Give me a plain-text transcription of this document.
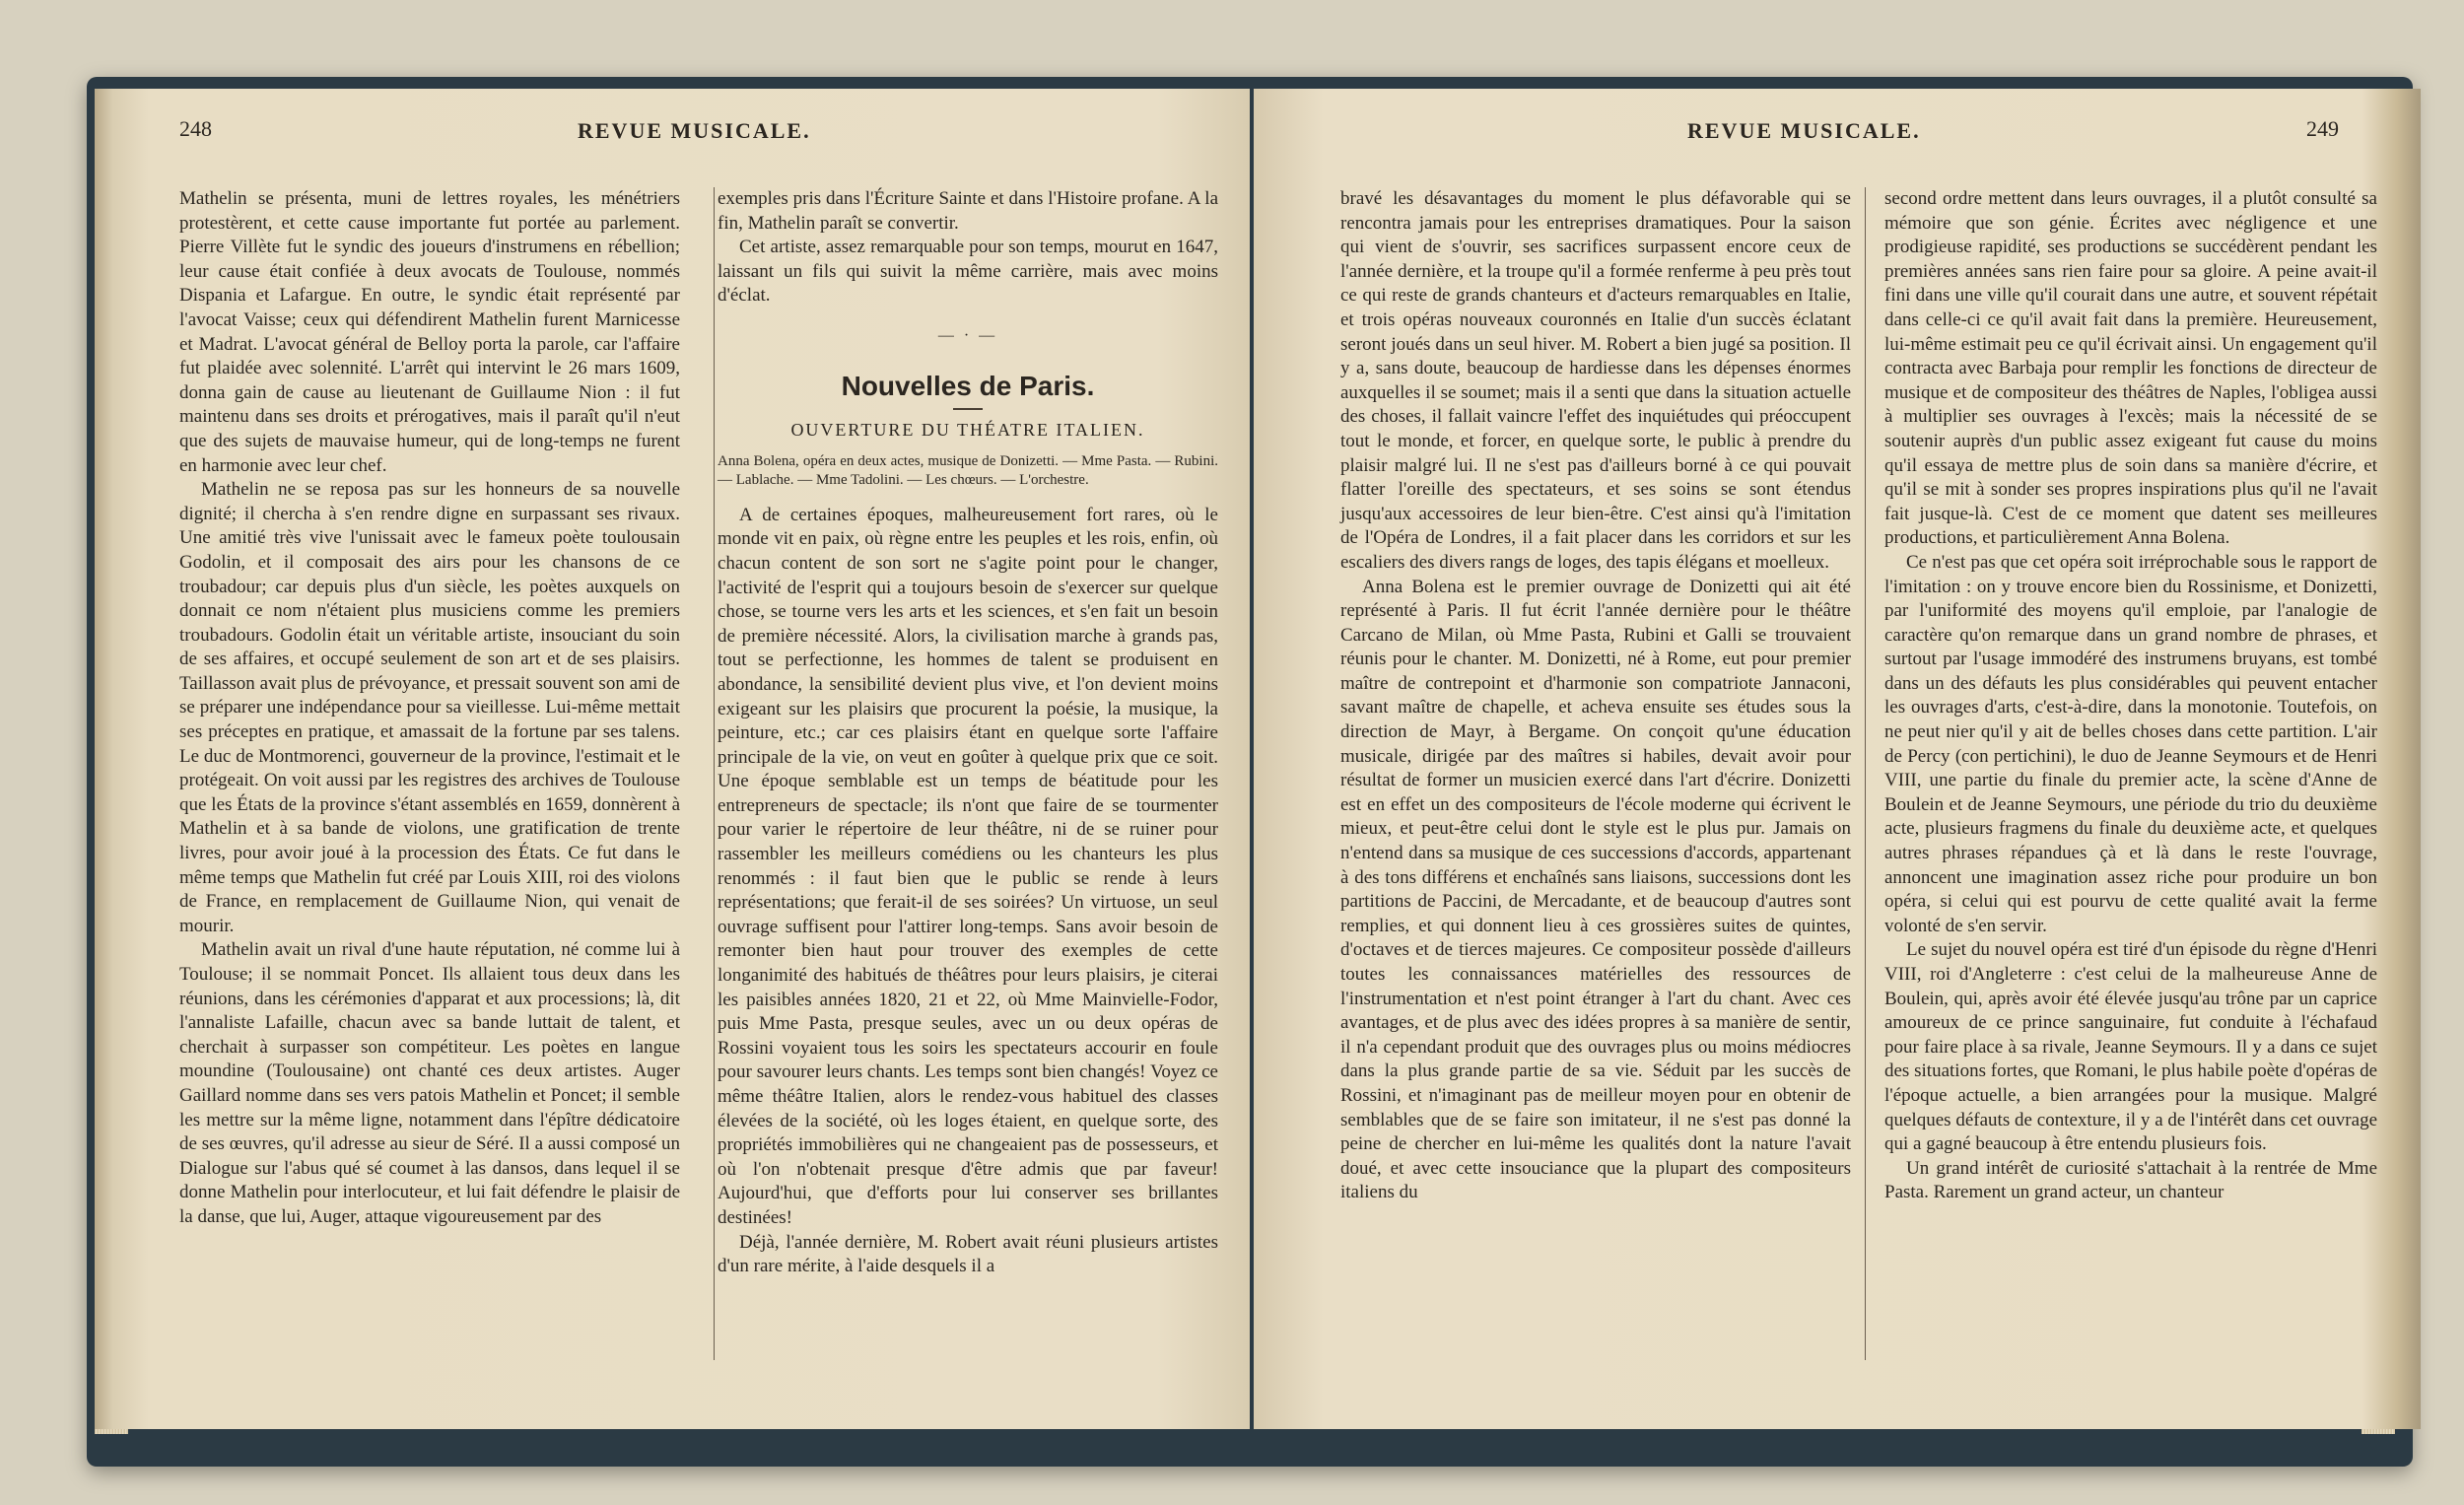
248	REVUE MUSICALE.

Mathelin se présenta, muni de lettres royales, les ménétriers protestèrent, et cette cause importante fut portée au parlement. Pierre Villète fut le syndic des joueurs d'instrumens en rébellion; leur cause était confiée à deux avocats de Toulouse, nommés Dispania et Lafargue. En outre, le syndic était représenté par l'avocat Vaisse; ceux qui défendirent Mathelin furent Marnicesse et Madrat. L'avocat général de Belloy porta la parole, car l'affaire fut plaidée avec solennité. L'arrêt qui intervint le 26 mars 1609, donna gain de cause au lieutenant de Guillaume Nion : il fut maintenu dans ses droits et prérogatives, mais il paraît qu'il n'eut que des sujets de mauvaise humeur, qui de long-temps ne furent en harmonie avec leur chef.

Mathelin ne se reposa pas sur les honneurs de sa nouvelle dignité; il chercha à s'en rendre digne en surpassant ses rivaux. Une amitié très vive l'unissait avec le fameux poète toulousain Godolin, et il composait des airs pour les chansons de ce troubadour; car depuis plus d'un siècle, les poètes auxquels on donnait ce nom n'étaient plus musiciens comme les premiers troubadours. Godolin était un véritable artiste, insouciant du soin de ses affaires, et occupé seulement de son art et de ses plaisirs. Taillasson avait plus de prévoyance, et pressait souvent son ami de se préparer une indépendance pour sa vieillesse. Lui-même mettait ses préceptes en pratique, et amassait de la fortune par ses talens. Le duc de Montmorenci, gouverneur de la province, l'estimait et le protégeait. On voit aussi par les registres des archives de Toulouse que les États de la province s'étant assemblés en 1659, donnèrent à Mathelin et à sa bande de violons, une gratification de trente livres, pour avoir joué à la procession des États. Ce fut dans le même temps que Mathelin fut créé par Louis XIII, roi des violons de France, en remplacement de Guillaume Nion, qui venait de mourir.

Mathelin avait un rival d'une haute réputation, né comme lui à Toulouse; il se nommait Poncet. Ils allaient tous deux dans les réunions, dans les cérémonies d'apparat et aux processions; là, dit l'annaliste Lafaille, chacun avec sa bande luttait de talent, et cherchait à surpasser son compétiteur. Les poètes en langue moundine (Toulousaine) ont chanté ces deux artistes. Auger Gaillard nomme dans ses vers patois Mathelin et Poncet; il semble les mettre sur la même ligne, notamment dans l'épître dédicatoire de ses œuvres, qu'il adresse au sieur de Séré. Il a aussi composé un Dialogue sur l'abus qué sé coumet à las dansos, dans lequel il se donne Mathelin pour interlocuteur, et lui fait défendre le plaisir de la danse, que lui, Auger, attaque vigoureusement par des

exemples pris dans l'Écriture Sainte et dans l'Histoire profane. A la fin, Mathelin paraît se convertir.

Cet artiste, assez remarquable pour son temps, mourut en 1647, laissant un fils qui suivit la même carrière, mais avec moins d'éclat.

— · —
Nouvelles de Paris.
OUVERTURE DU THÉATRE ITALIEN.
Anna Bolena, opéra en deux actes, musique de Donizetti. — Mme Pasta. — Rubini. — Lablache. — Mme Tadolini. — Les chœurs. — L'orchestre.

A de certaines époques, malheureusement fort rares, où le monde vit en paix, où règne entre les peuples et les rois, enfin, où chacun content de son sort ne s'agite point pour le changer, l'activité de l'esprit qui a toujours besoin de s'exercer sur quelque chose, se tourne vers les arts et les sciences, et s'en fait un besoin de première nécessité. Alors, la civilisation marche à grands pas, tout se perfectionne, les hommes de talent se produisent en abondance, la sensibilité devient plus vive, et l'on devient moins exigeant sur les plaisirs que procurent la poésie, la musique, la peinture, etc.; car ces plaisirs étant en quelque sorte l'affaire principale de la vie, on veut en goûter à quelque prix que ce soit. Une époque semblable est un temps de béatitude pour les entrepreneurs de spectacle; ils n'ont que faire de se tourmenter pour varier le répertoire de leur théâtre, ni de se ruiner pour rassembler les meilleurs comédiens ou les chanteurs les plus renommés : il faut bien que le public se rende à leurs représentations; que ferait-il de ses soirées? Un virtuose, un seul ouvrage suffisent pour l'attirer long-temps. Sans avoir besoin de remonter bien haut pour trouver des exemples de cette longanimité des habitués de théâtres pour leurs plaisirs, je citerai les paisibles années 1820, 21 et 22, où Mme Mainvielle-Fodor, puis Mme Pasta, presque seules, avec un ou deux opéras de Rossini voyaient tous les soirs les spectateurs accourir en foule pour savourer leurs chants. Les temps sont bien changés! Voyez ce même théâtre Italien, alors le rendez-vous habituel des classes élevées de la société, où les loges étaient, en quelque sorte, des propriétés immobilières qui ne changeaient pas de possesseurs, et où l'on n'obtenait presque d'être admis que par faveur! Aujourd'hui, que d'efforts pour lui conserver ses brillantes destinées!

Déjà, l'année dernière, M. Robert avait réuni plusieurs artistes d'un rare mérite, à l'aide desquels il a

REVUE MUSICALE.	249

bravé les désavantages du moment le plus défavorable qui se rencontra jamais pour les entreprises dramatiques. Pour la saison qui vient de s'ouvrir, ses sacrifices surpassent encore ceux de l'année dernière, et la troupe qu'il a formée renferme à peu près tout ce qui reste de grands chanteurs et d'acteurs remarquables en Italie, et trois opéras nouveaux couronnés en Italie d'un succès éclatant seront joués dans un seul hiver. M. Robert a bien jugé sa position. Il y a, sans doute, beaucoup de hardiesse dans les dépenses énormes auxquelles il se soumet; mais il a senti que dans la situation actuelle des choses, il fallait vaincre l'effet des inquiétudes qui préoccupent tout le monde, et forcer, en quelque sorte, le public à prendre du plaisir malgré lui. Il ne s'est pas d'ailleurs borné à ce qui pouvait flatter l'oreille des spectateurs, et ses soins se sont étendus jusqu'aux accessoires de leur bien-être. C'est ainsi qu'à l'imitation de l'Opéra de Londres, il a fait placer dans les corridors et sur les escaliers des divers rangs de loges, des tapis élégans et moelleux.

Anna Bolena est le premier ouvrage de Donizetti qui ait été représenté à Paris. Il fut écrit l'année dernière pour le théâtre Carcano de Milan, où Mme Pasta, Rubini et Galli se trouvaient réunis pour le chanter. M. Donizetti, né à Rome, eut pour premier maître de contrepoint et d'harmonie son compatriote Jannaconi, savant maître de chapelle, et acheva ensuite ses études sous la direction de Mayr, à Bergame. On conçoit qu'une éducation musicale, dirigée par des maîtres si habiles, devait avoir pour résultat de former un musicien exercé dans l'art d'écrire. Donizetti est en effet un des compositeurs de l'école moderne qui écrivent le mieux, et peut-être celui dont le style est le plus pur. Jamais on n'entend dans sa musique de ces successions d'accords, appartenant à des tons différens et enchaînés sans liaisons, successions dont les partitions de Paccini, de Mercadante, et de beaucoup d'autres sont remplies, et qui donnent lieu à ces grossières suites de quintes, d'octaves et de tierces majeures. Ce compositeur possède d'ailleurs toutes les connaissances matérielles des ressources de l'instrumentation et n'est point étranger à l'art du chant. Avec ces avantages, et de plus avec des idées propres à sa manière de sentir, il n'a cependant produit que des ouvrages plus ou moins médiocres dans la plus grande partie de sa vie. Séduit par les succès de Rossini, et n'imaginant pas de meilleur moyen pour en obtenir de semblables que de se faire son imitateur, il ne s'est pas donné la peine de chercher en lui-même les qualités dont la nature l'avait doué, et avec cette insouciance que la plupart des compositeurs italiens du

second ordre mettent dans leurs ouvrages, il a plutôt consulté sa mémoire que son génie. Écrites avec négligence et une prodigieuse rapidité, ses productions se succédèrent pendant les premières années sans rien faire pour sa gloire. A peine avait-il fini dans une ville qu'il courait dans une autre, et souvent répétait dans celle-ci ce qu'il avait fait dans la première. Heureusement, lui-même estimait peu ce qu'il écrivait ainsi. Un engagement qu'il contracta avec Barbaja pour remplir les fonctions de directeur de musique et de compositeur des théâtres de Naples, l'obligea aussi à multiplier ses ouvrages à l'excès; mais la nécessité de se soutenir auprès d'un public assez exigeant fut cause du moins qu'il essaya de mettre plus de soin dans sa manière d'écrire, et qu'il se mit à sonder ses propres inspirations plus qu'il ne l'avait fait jusque-là. C'est de ce moment que datent ses meilleures productions, et particulièrement Anna Bolena.

Ce n'est pas que cet opéra soit irréprochable sous le rapport de l'imitation : on y trouve encore bien du Rossinisme, et Donizetti, par l'uniformité des moyens qu'il emploie, par l'analogie de caractère qu'on remarque dans un grand nombre de phrases, et surtout par l'usage immodéré des instrumens bruyans, est tombé dans un des défauts les plus considérables qui peuvent entacher les ouvrages d'arts, c'est-à-dire, dans la monotonie. Toutefois, on ne peut nier qu'il y ait de belles choses dans cette partition. L'air de Percy (con pertichini), le duo de Jeanne Seymours et de Henri VIII, une partie du finale du premier acte, la scène d'Anne de Boulein et de Jeanne Seymours, une période du trio du deuxième acte, plusieurs fragmens du finale du deuxième acte, et quelques autres phrases répandues çà et là dans le reste l'ouvrage, annoncent une imagination assez riche pour produire un bon opéra, si celui qui est pourvu de cette qualité avait la ferme volonté de s'en servir.

Le sujet du nouvel opéra est tiré d'un épisode du règne d'Henri VIII, roi d'Angleterre : c'est celui de la malheureuse Anne de Boulein, qui, après avoir été élevée jusqu'au trône par un caprice amoureux de ce prince sanguinaire, fut conduite à l'échafaud pour faire place à sa rivale, Jeanne Seymours. Il y a dans ce sujet des situations fortes, que Romani, le plus habile poète d'opéras de l'époque actuelle, a bien arrangées pour la musique. Malgré quelques défauts de contexture, il y a de l'intérêt dans cet ouvrage qui a gagné beaucoup à être entendu plusieurs fois.

Un grand intérêt de curiosité s'attachait à la rentrée de Mme Pasta. Rarement un grand acteur, un chanteur
